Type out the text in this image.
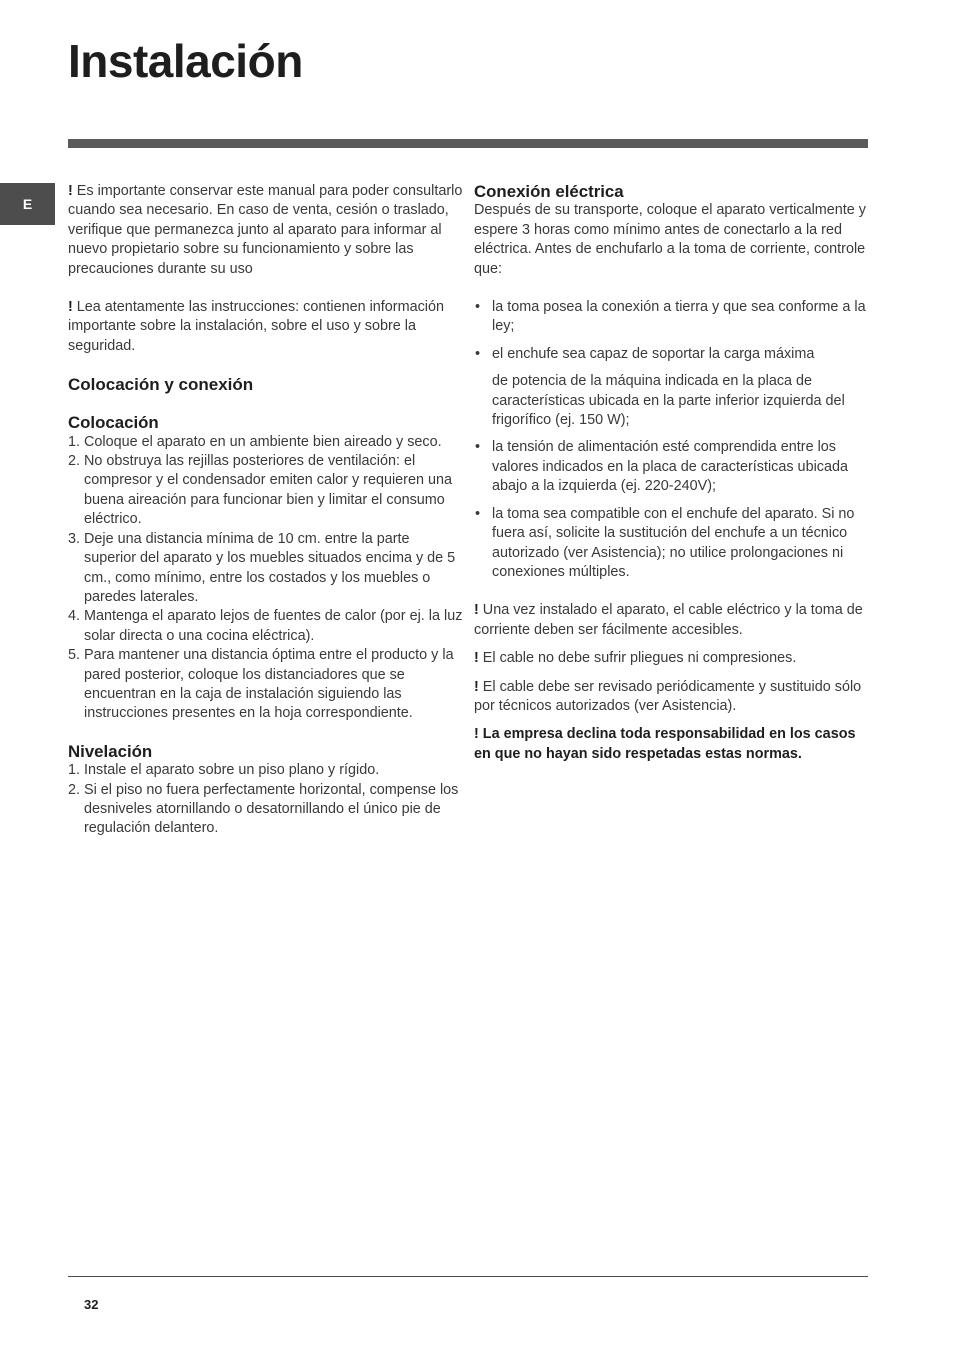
Instalación
E

! Es importante conservar este manual para poder consultarlo cuando sea necesario. En caso de venta, cesión o traslado, verifique que permanezca junto al aparato para informar al nuevo propietario sobre su funcionamiento y sobre las precauciones durante su uso

! Lea atentamente las instrucciones: contienen información importante sobre la instalación, sobre el uso y sobre la seguridad.

Colocación y conexión
Colocación
1. Coloque el aparato en un ambiente bien aireado y seco.
2. No obstruya las rejillas posteriores de ventilación: el compresor y el condensador emiten calor y requieren una buena aireación para funcionar bien y limitar el consumo eléctrico.
3. Deje una distancia mínima de 10 cm. entre la parte superior del aparato y los muebles situados encima y de 5 cm., como mínimo, entre los costados y los muebles o paredes laterales.
4. Mantenga el aparato lejos de fuentes de calor (por ej. la luz solar directa o una cocina eléctrica).
5. Para mantener una distancia óptima entre el producto y la pared posterior, coloque los distanciadores que se encuentran en la caja de instalación siguiendo las instrucciones presentes en la hoja correspondiente.
Nivelación
1. Instale el aparato sobre un piso plano y rígido.
2. Si el piso no fuera perfectamente horizontal, compense los desniveles atornillando o desatornillando el único pie de regulación delantero.
Conexión eléctrica

Después de su transporte, coloque el aparato verticalmente y espere 3 horas como mínimo antes de conectarlo a la red eléctrica. Antes de enchufarlo a la toma de corriente, controle que:

• la toma posea la conexión a tierra y que sea conforme a la ley;
• el enchufe sea capaz de soportar la carga máxima

de potencia de la máquina indicada en la placa de características ubicada en la parte inferior izquierda del frigorífico (ej. 150 W);

• la tensión de alimentación esté comprendida entre los valores indicados en la placa de características ubicada abajo a la izquierda (ej. 220-240V);
• la toma sea compatible con el enchufe del aparato. Si no fuera así, solicite la sustitución del enchufe a un técnico autorizado (ver Asistencia); no utilice prolongaciones ni conexiones múltiples.

! Una vez instalado el aparato, el cable eléctrico y la toma de corriente deben ser fácilmente accesibles.

! El cable no debe sufrir pliegues ni compresiones.

! El cable debe ser revisado periódicamente y sustituido sólo por técnicos autorizados (ver Asistencia).

! La empresa declina toda responsabilidad en los casos en que no hayan sido respetadas estas normas.

32
